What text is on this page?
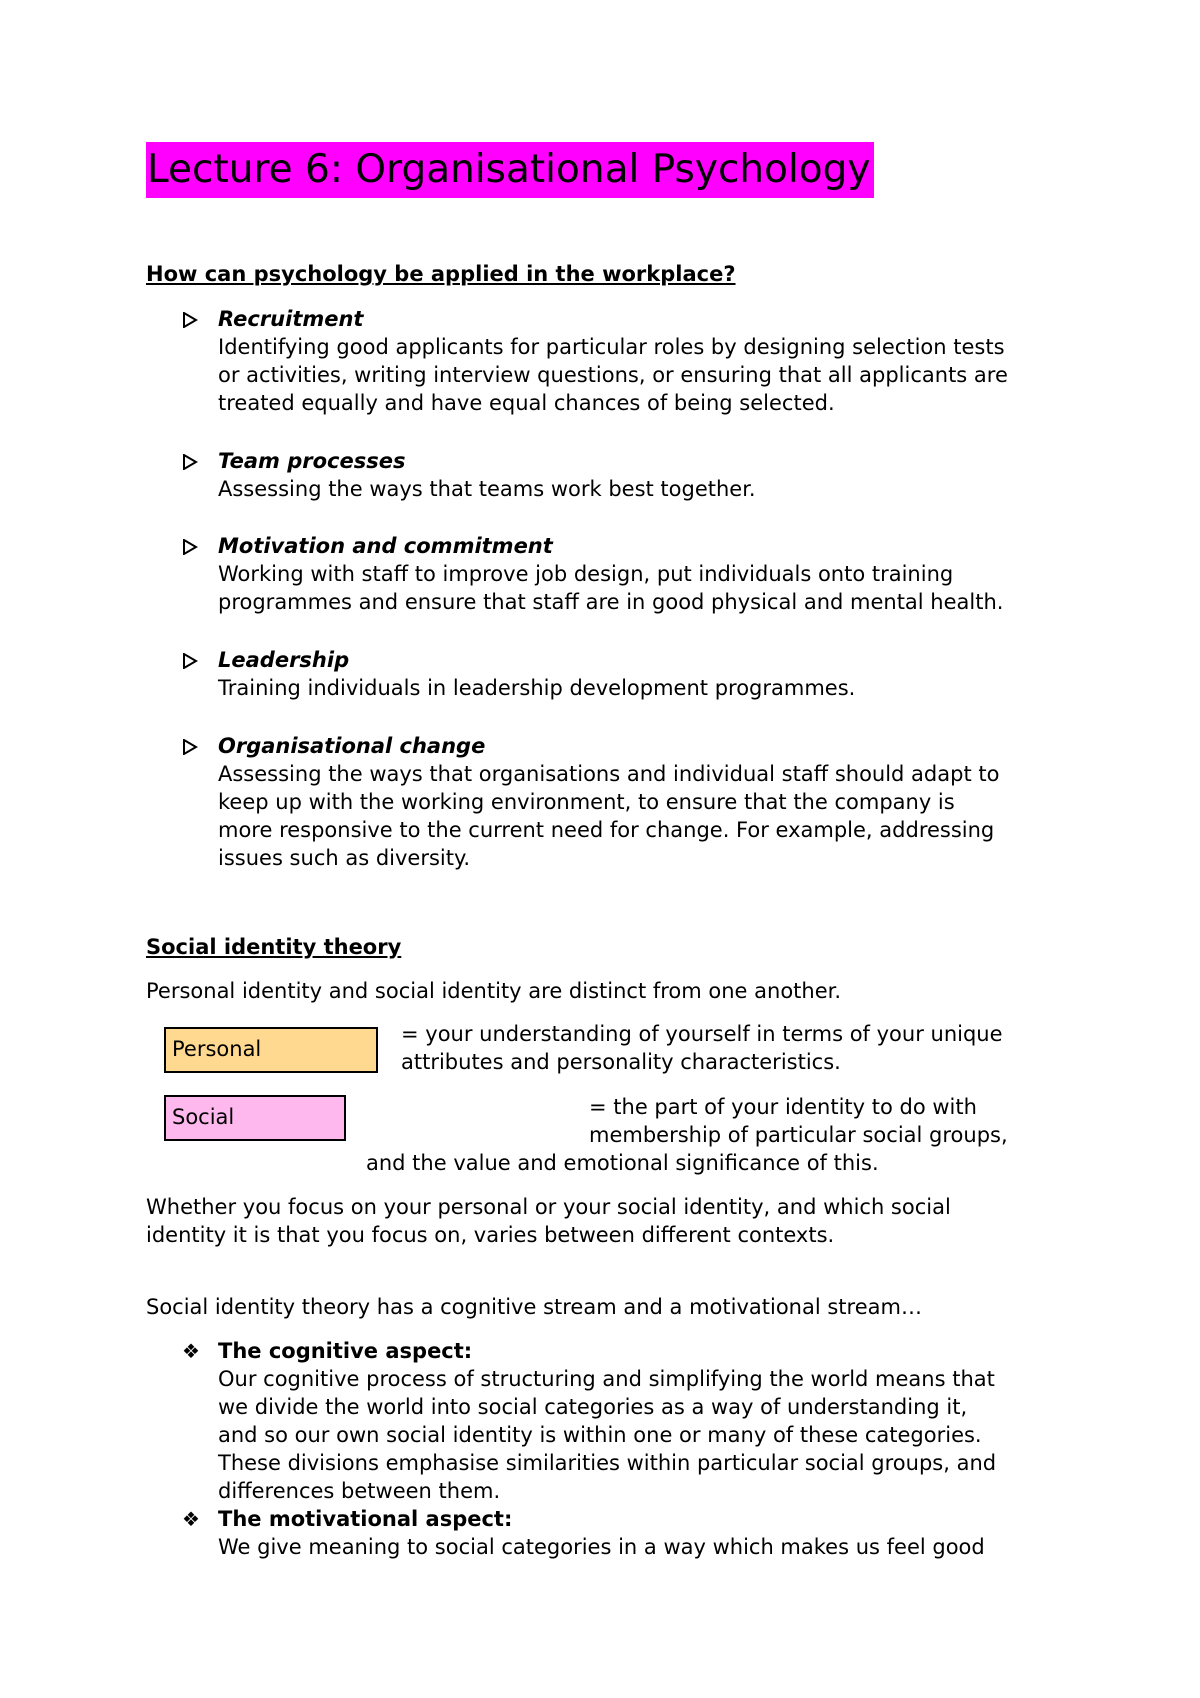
Lecture 6: Organisational Psychology
How can psychology be applied in the workplace?
Recruitment
Identifying good applicants for particular roles by designing selection tests
or activities, writing interview questions, or ensuring that all applicants are
treated equally and have equal chances of being selected.
Team processes
Assessing the ways that teams work best together.
Motivation and commitment
Working with staff to improve job design, put individuals onto training
programmes and ensure that staff are in good physical and mental health.
Leadership
Training individuals in leadership development programmes.
Organisational change
Assessing the ways that organisations and individual staff should adapt to
keep up with the working environment, to ensure that the company is
more responsive to the current need for change. For example, addressing
issues such as diversity.
Social identity theory
Personal identity and social identity are distinct from one another.
Personal
= your understanding of yourself in terms of your unique
attributes and personality characteristics.
Social	= the part of your identity to do with
membership of particular social groups,
and the value and emotional significance of this.
Whether you focus on your personal or your social identity, and which social
identity it is that you focus on, varies between different contexts.
Social identity theory has a cognitive stream and a motivational stream…
❖ The cognitive aspect:
Our cognitive process of structuring and simplifying the world means that
we divide the world into social categories as a way of understanding it,
and so our own social identity is within one or many of these categories.
These divisions emphasise similarities within particular social groups, and
differences between them.
❖ The motivational aspect:
We give meaning to social categories in a way which makes us feel good
